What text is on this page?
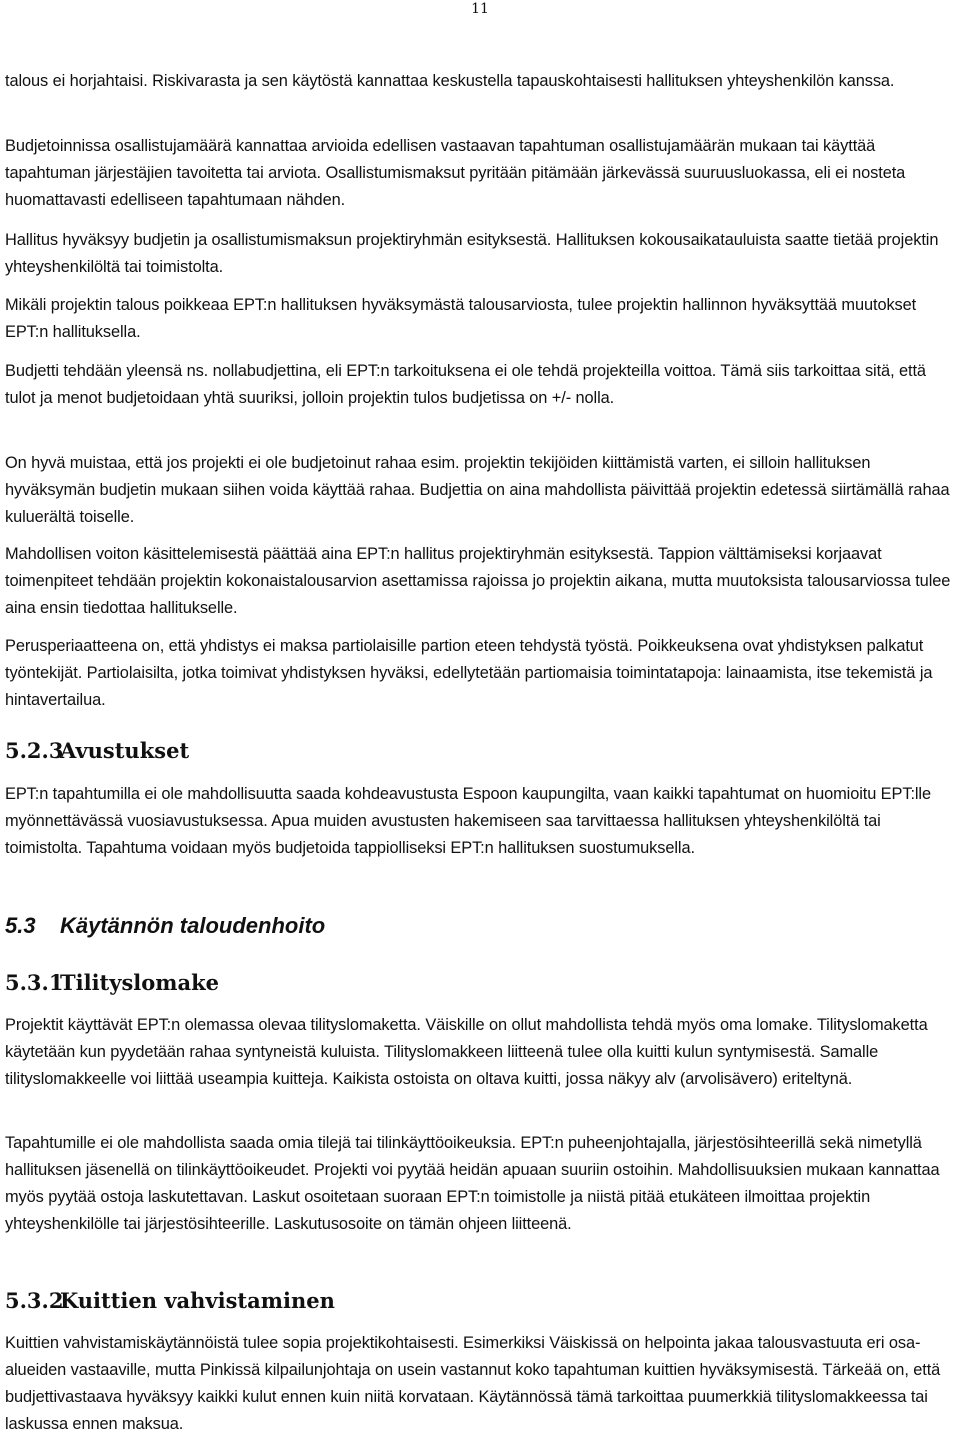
11

talous ei horjahtaisi. Riskivarasta ja sen käytöstä kannattaa keskustella tapauskohtaisesti hallituksen yhteyshenkilön kanssa.

Budjetoinnissa osallistujamäärä kannattaa arvioida edellisen vastaavan tapahtuman osallistujamäärän mukaan tai käyttää tapahtuman järjestäjien tavoitetta tai arviota. Osallistumismaksut pyritään pitämään järkevässä suuruusluokassa, eli ei nosteta huomattavasti edelliseen tapahtumaan nähden.

Hallitus hyväksyy budjetin ja osallistumismaksun projektiryhmän esityksestä. Hallituksen kokousaikatauluista saatte tietää projektin yhteyshenkilöltä tai toimistolta.

Mikäli projektin talous poikkeaa EPT:n hallituksen hyväksymästä talousarviosta, tulee projektin hallinnon hyväksyttää muutokset EPT:n hallituksella.

Budjetti tehdään yleensä ns. nollabudjettina, eli EPT:n tarkoituksena ei ole tehdä projekteilla voittoa. Tämä siis tarkoittaa sitä, että tulot ja menot budjetoidaan yhtä suuriksi, jolloin projektin tulos budjetissa on +/- nolla.

On hyvä muistaa, että jos projekti ei ole budjetoinut rahaa esim. projektin tekijöiden kiittämistä varten, ei silloin hallituksen hyväksymän budjetin mukaan siihen voida käyttää rahaa. Budjettia on aina mahdollista päivittää projektin edetessä siirtämällä rahaa kuluerältä toiselle.

Mahdollisen voiton käsittelemisestä päättää aina EPT:n hallitus projektiryhmän esityksestä. Tappion välttämiseksi korjaavat toimenpiteet tehdään projektin kokonaistalousarvion asettamissa rajoissa jo projektin aikana, mutta muutoksista talousarviossa tulee aina ensin tiedottaa hallitukselle.

Perusperiaatteena on, että yhdistys ei maksa partiolaisille partion eteen tehdystä työstä. Poikkeuksena ovat yhdistyksen palkatut työntekijät. Partiolaisilta, jotka toimivat yhdistyksen hyväksi, edellytetään partiomaisia toimintatapoja: lainaamista, itse tekemistä ja hintavertailua.

5.2.3Avustukset

EPT:n tapahtumilla ei ole mahdollisuutta saada kohdeavustusta Espoon kaupungilta, vaan kaikki tapahtumat on huomioitu EPT:lle myönnettävässä vuosiavustuksessa. Apua muiden avustusten hakemiseen saa tarvittaessa hallituksen yhteyshenkilöltä tai toimistolta. Tapahtuma voidaan myös budjetoida tappiolliseksi EPT:n hallituksen suostumuksella.

5.3 Käytännön taloudenhoito
5.3.1Tilityslomake

Projektit käyttävät EPT:n olemassa olevaa tilityslomaketta. Väiskille on ollut mahdollista tehdä myös oma lomake. Tilityslomaketta käytetään kun pyydetään rahaa syntyneistä kuluista. Tilityslomakkeen liitteenä tulee olla kuitti kulun syntymisestä. Samalle tilityslomakkeelle voi liittää useampia kuitteja. Kaikista ostoista on oltava kuitti, jossa näkyy alv (arvolisävero) eriteltynä.

Tapahtumille ei ole mahdollista saada omia tilejä tai tilinkäyttöoikeuksia. EPT:n puheenjohtajalla, järjestösihteerillä sekä nimetyllä hallituksen jäsenellä on tilinkäyttöoikeudet. Projekti voi pyytää heidän apuaan suuriin ostoihin. Mahdollisuuksien mukaan kannattaa myös pyytää ostoja laskutettavan. Laskut osoitetaan suoraan EPT:n toimistolle ja niistä pitää etukäteen ilmoittaa projektin yhteyshenkilölle tai järjestösihteerille. Laskutusosoite on tämän ohjeen liitteenä.

5.3.2Kuittien vahvistaminen

Kuittien vahvistamiskäytännöistä tulee sopia projektikohtaisesti. Esimerkiksi Väiskissä on helpointa jakaa talousvastuuta eri osa-alueiden vastaaville, mutta Pinkissä kilpailunjohtaja on usein vastannut koko tapahtuman kuittien hyväksymisestä. Tärkeää on, että budjettivastaava hyväksyy kaikki kulut ennen kuin niitä korvataan. Käytännössä tämä tarkoittaa puumerkkiä tilityslomakkeessa tai laskussa ennen maksua.
